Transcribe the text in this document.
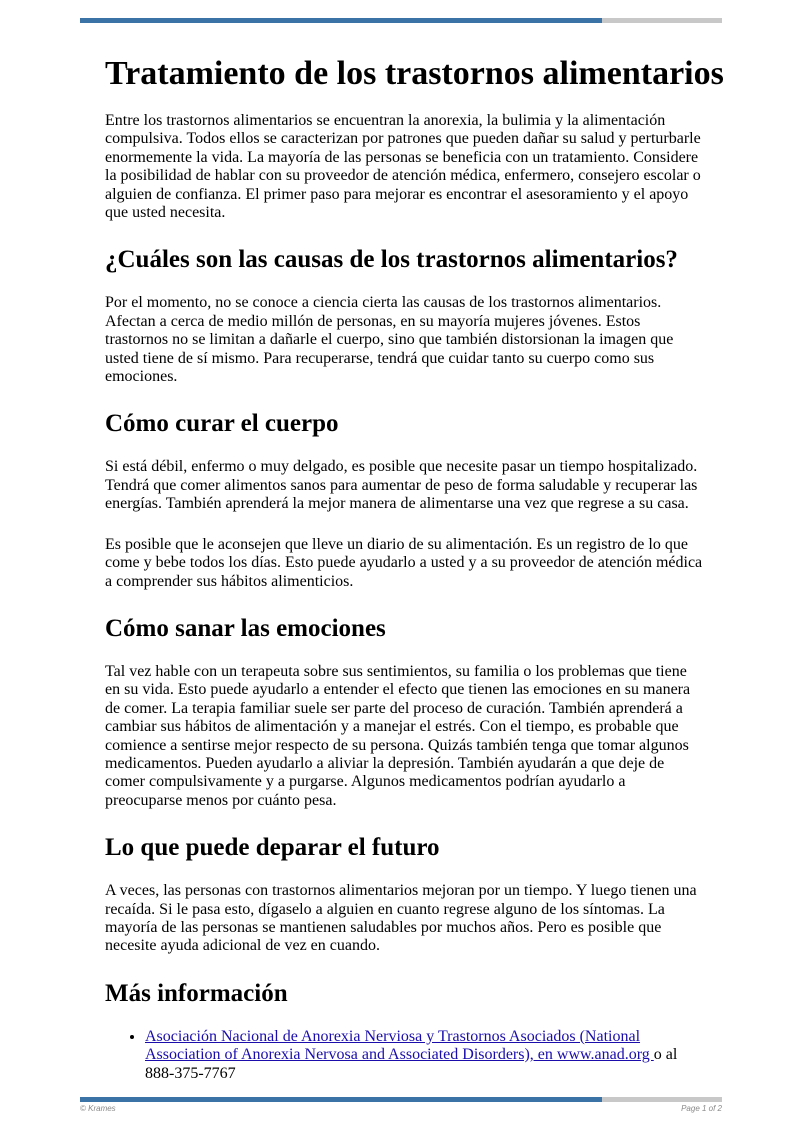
Tratamiento de los trastornos alimentarios

Entre los trastornos alimentarios se encuentran la anorexia, la bulimia y la alimentación compulsiva. Todos ellos se caracterizan por patrones que pueden dañar su salud y perturbarle enormemente la vida. La mayoría de las personas se beneficia con un tratamiento. Considere la posibilidad de hablar con su proveedor de atención médica, enfermero, consejero escolar o alguien de confianza. El primer paso para mejorar es encontrar el asesoramiento y el apoyo que usted necesita.

¿Cuáles son las causas de los trastornos alimentarios?

Por el momento, no se conoce a ciencia cierta las causas de los trastornos alimentarios. Afectan a cerca de medio millón de personas, en su mayoría mujeres jóvenes. Estos trastornos no se limitan a dañarle el cuerpo, sino que también distorsionan la imagen que usted tiene de sí mismo. Para recuperarse, tendrá que cuidar tanto su cuerpo como sus emociones.

Cómo curar el cuerpo

Si está débil, enfermo o muy delgado, es posible que necesite pasar un tiempo hospitalizado. Tendrá que comer alimentos sanos para aumentar de peso de forma saludable y recuperar las energías. También aprenderá la mejor manera de alimentarse una vez que regrese a su casa.

Es posible que le aconsejen que lleve un diario de su alimentación. Es un registro de lo que come y bebe todos los días. Esto puede ayudarlo a usted y a su proveedor de atención médica a comprender sus hábitos alimenticios.

Cómo sanar las emociones

Tal vez hable con un terapeuta sobre sus sentimientos, su familia o los problemas que tiene en su vida. Esto puede ayudarlo a entender el efecto que tienen las emociones en su manera de comer. La terapia familiar suele ser parte del proceso de curación. También aprenderá a cambiar sus hábitos de alimentación y a manejar el estrés. Con el tiempo, es probable que comience a sentirse mejor respecto de su persona. Quizás también tenga que tomar algunos medicamentos. Pueden ayudarlo a aliviar la depresión. También ayudarán a que deje de comer compulsivamente y a purgarse. Algunos medicamentos podrían ayudarlo a preocuparse menos por cuánto pesa.

Lo que puede deparar el futuro

A veces, las personas con trastornos alimentarios mejoran por un tiempo. Y luego tienen una recaída. Si le pasa esto, dígaselo a alguien en cuanto regrese alguno de los síntomas. La mayoría de las personas se mantienen saludables por muchos años. Pero es posible que necesite ayuda adicional de vez en cuando.

Más información
• Asociación Nacional de Anorexia Nerviosa y Trastornos Asociados (National Association of Anorexia Nervosa and Associated Disorders), en www.anad.org o al 888-375-7767
© Krames	Page 1 of 2
